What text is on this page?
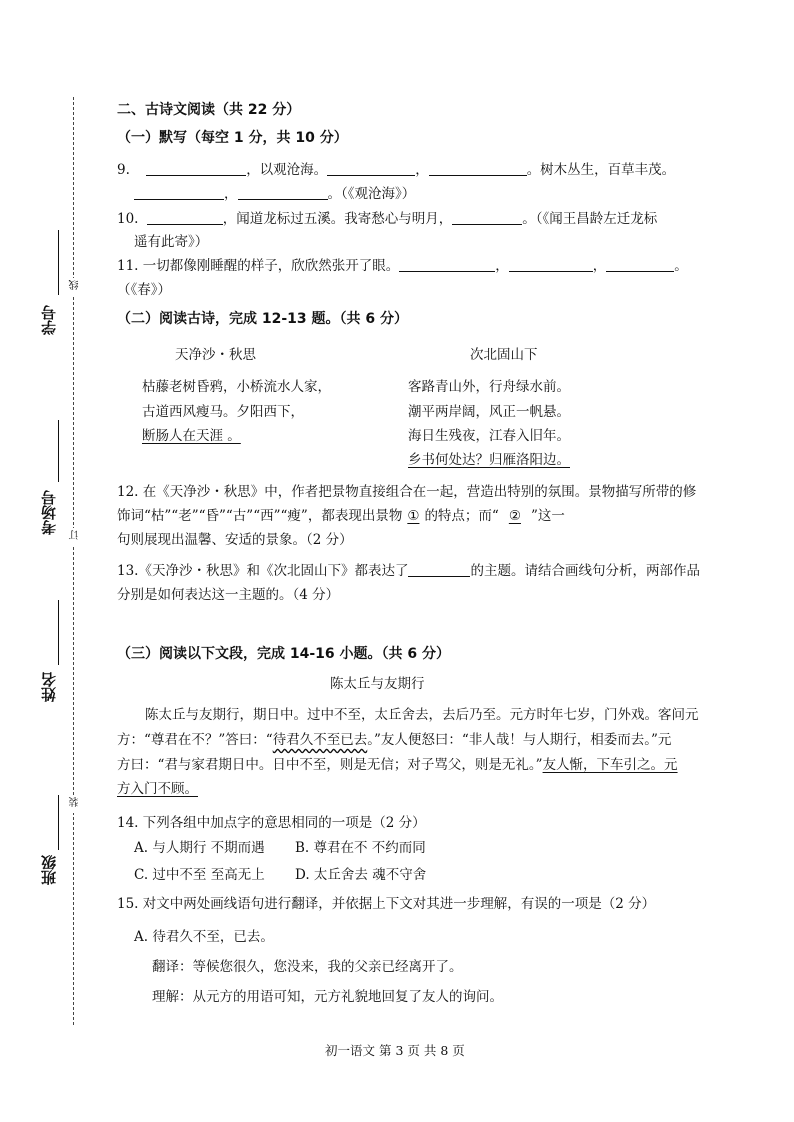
线
订
装
学号
考场号
姓名
班级
二、古诗文阅读（共 22 分）
（一）默写（每空 1 分，共 10 分）
9.	，以观沧海。	，	。树木丛生，百草丰茂。
，	。（《观沧海》）
10.	，闻道龙标过五溪。我寄愁心与明月，	。（《闻王昌龄左迁龙标
遥有此寄》）
11. 一切都像刚睡醒的样子，欣欣然张开了眼。	，	，	。
（《春》）
（二）阅读古诗，完成 12-13 题。（共 6 分）
天净沙・秋思
枯藤老树昏鸦，小桥流水人家，
古道西风瘦马。夕阳西下，
断肠人在天涯 。
次北固山下
客路青山外，行舟绿水前。
潮平两岸阔，风正一帆悬。
海日生残夜，江春入旧年。
乡书何处达？归雁洛阳边。
12. 在《天净沙・秋思》中，作者把景物直接组合在一起，营造出特别的氛围。景物描写所带的修
饰词“枯”“老”“昏”“古”“西”“瘦”，都表现出景物 ① 的特点；而“ ② ”这一
句则展现出温馨、安适的景象。（2 分）
13.《天净沙・秋思》和《次北固山下》都表达了	的主题。请结合画线句分析，两部作品
分别是如何表达这一主题的。（4 分）
（三）阅读以下文段，完成 14-16 小题。（共 6 分）
陈太丘与友期行
陈太丘与友期行，期日中。过中不至，太丘舍去，去后乃至。元方时年七岁，门外戏。客问元
方：“尊君在不？”答曰：“待君久不至已去。”友人便怒曰：“非人哉！与人期行，相委而去。”元
方曰：“君与家君期日中。日中不至，则是无信；对子骂父，则是无礼。”友人惭，下车引之。元
方入门不顾。
14. 下列各组中加点字的意思相同的一项是（2 分）
A. 与人期行 不期而遇 B. 尊君在不 不约而同
C. 过中不至 至高无上 D. 太丘舍去 魂不守舍
15. 对文中两处画线语句进行翻译，并依据上下文对其进一步理解，有误的一项是（2 分）
A. 待君久不至，已去。
翻译：等候您很久，您没来，我的父亲已经离开了。
理解：从元方的用语可知，元方礼貌地回复了友人的询问。
初一语文 第 3 页 共 8 页
